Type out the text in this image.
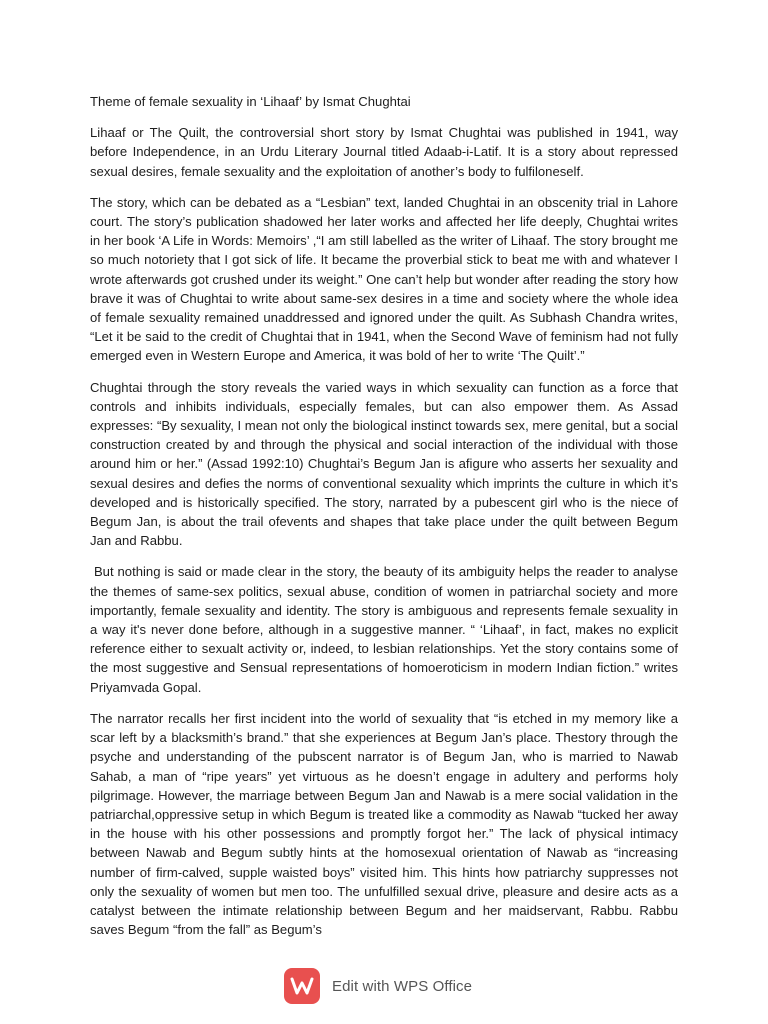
Theme of female sexuality in ‘Lihaaf’ by Ismat Chughtai

Lihaaf or The Quilt, the controversial short story by Ismat Chughtai was published in 1941, way before Independence, in an Urdu Literary Journal titled Adaab-i-Latif. It is a story about repressed sexual desires, female sexuality and the exploitation of another’s body to fulfiloneself.

The story, which can be debated as a “Lesbian” text, landed Chughtai in an obscenity trial in Lahore court. The story’s publication shadowed her later works and affected her life deeply, Chughtai writes in her book ‘A Life in Words: Memoirs’ ,“I am still labelled as the writer of Lihaaf. The story brought me so much notoriety that I got sick of life. It became the proverbial stick to beat me with and whatever I wrote afterwards got crushed under its weight.” One can’t help but wonder after reading the story how brave it was of Chughtai to write about same-sex desires in a time and society where the whole idea of female sexuality remained unaddressed and ignored under the quilt. As Subhash Chandra writes, “Let it be said to the credit of Chughtai that in 1941, when the Second Wave of feminism had not fully emerged even in Western Europe and America, it was bold of her to write ‘The Quilt’.”

Chughtai through the story reveals the varied ways in which sexuality can function as a force that controls and inhibits individuals, especially females, but can also empower them. As Assad expresses: “By sexuality, I mean not only the biological instinct towards sex, mere genital, but a social construction created by and through the physical and social interaction of the individual with those around him or her.” (Assad 1992:10) Chughtai’s Begum Jan is afigure who asserts her sexuality and sexual desires and defies the norms of conventional sexuality which imprints the culture in which it’s developed and is historically specified. The story, narrated by a pubescent girl who is the niece of Begum Jan, is about the trail ofevents and shapes that take place under the quilt between Begum Jan and Rabbu.

But nothing is said or made clear in the story, the beauty of its ambiguity helps the reader to analyse the themes of same-sex politics, sexual abuse, condition of women in patriarchal society and more importantly, female sexuality and identity. The story is ambiguous and represents female sexuality in a way it's never done before, although in a suggestive manner. “ ‘Lihaaf’, in fact, makes no explicit reference either to sexualt activity or, indeed, to lesbian relationships. Yet the story contains some of the most suggestive and Sensual representations of homoeroticism in modern Indian fiction.” writes Priyamvada Gopal.

The narrator recalls her first incident into the world of sexuality that “is etched in my memory like a scar left by a blacksmith’s brand.” that she experiences at Begum Jan’s place. Thestory through the psyche and understanding of the pubscent narrator is of Begum Jan, who is married to Nawab Sahab, a man of “ripe years” yet virtuous as he doesn’t engage in adultery and performs holy pilgrimage. However, the marriage between Begum Jan and Nawab is a mere social validation in the patriarchal,oppressive setup in which Begum is treated like a commodity as Nawab “tucked her away in the house with his other possessions and promptly forgot her.” The lack of physical intimacy between Nawab and Begum subtly hints at the homosexual orientation of Nawab as “increasing number of firm-calved, supple waisted boys” visited him. This hints how patriarchy suppresses not only the sexuality of women but men too. The unfulfilled sexual drive, pleasure and desire acts as a catalyst between the intimate relationship between Begum and her maidservant, Rabbu. Rabbu saves Begum “from the fall” as Begum’s

Edit with WPS Office
